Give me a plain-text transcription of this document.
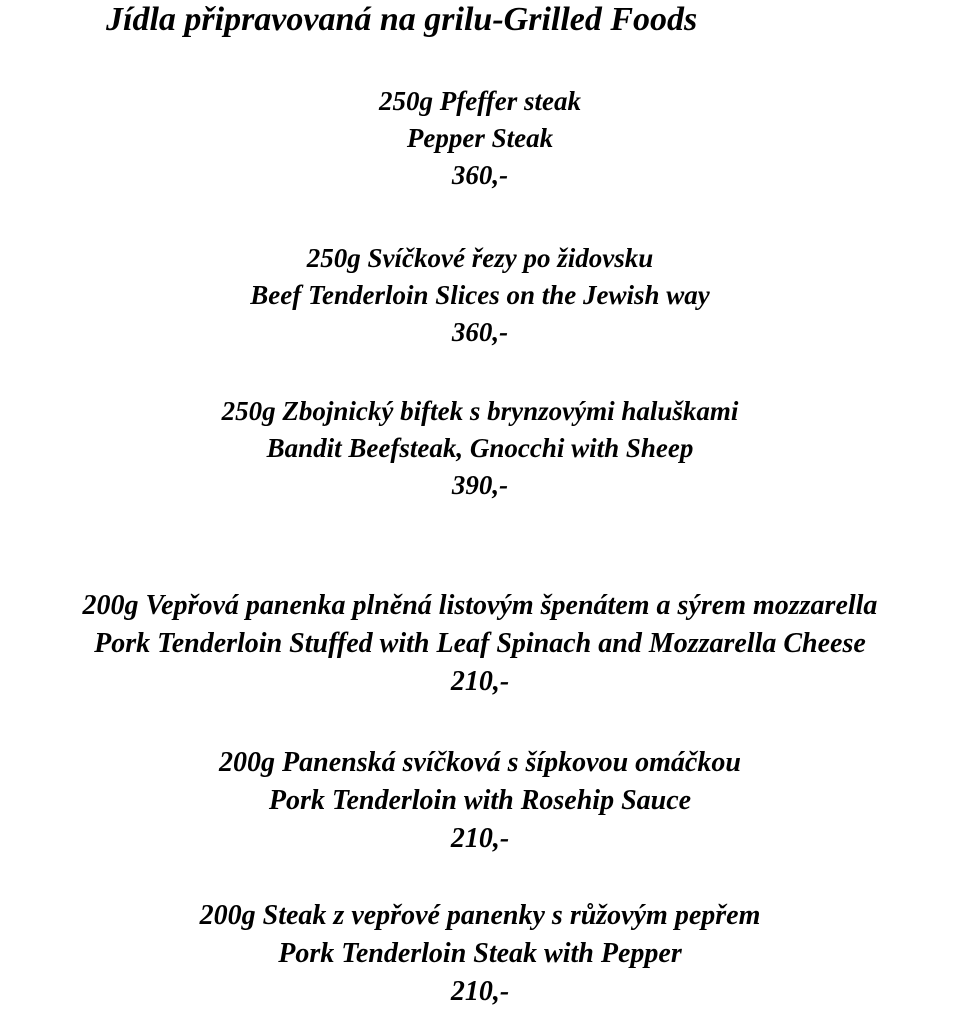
Jídla připravovaná na grilu-Grilled Foods
250g Pfeffer steak
Pepper Steak
360,-
250g Svíčkové řezy po židovsku
Beef Tenderloin Slices on the Jewish way
360,-
250g Zbojnický biftek s brynzovými haluškami
Bandit Beefsteak, Gnocchi with Sheep
390,-
200g Vepřová panenka plněná listovým špenátem a sýrem mozzarella
Pork Tenderloin Stuffed with Leaf Spinach and Mozzarella Cheese
210,-
200g Panenská svíčková s šípkovou omáčkou
Pork Tenderloin with Rosehip Sauce
210,-
200g Steak z vepřové panenky s růžovým pepřem
Pork Tenderloin Steak with Pepper
210,-
